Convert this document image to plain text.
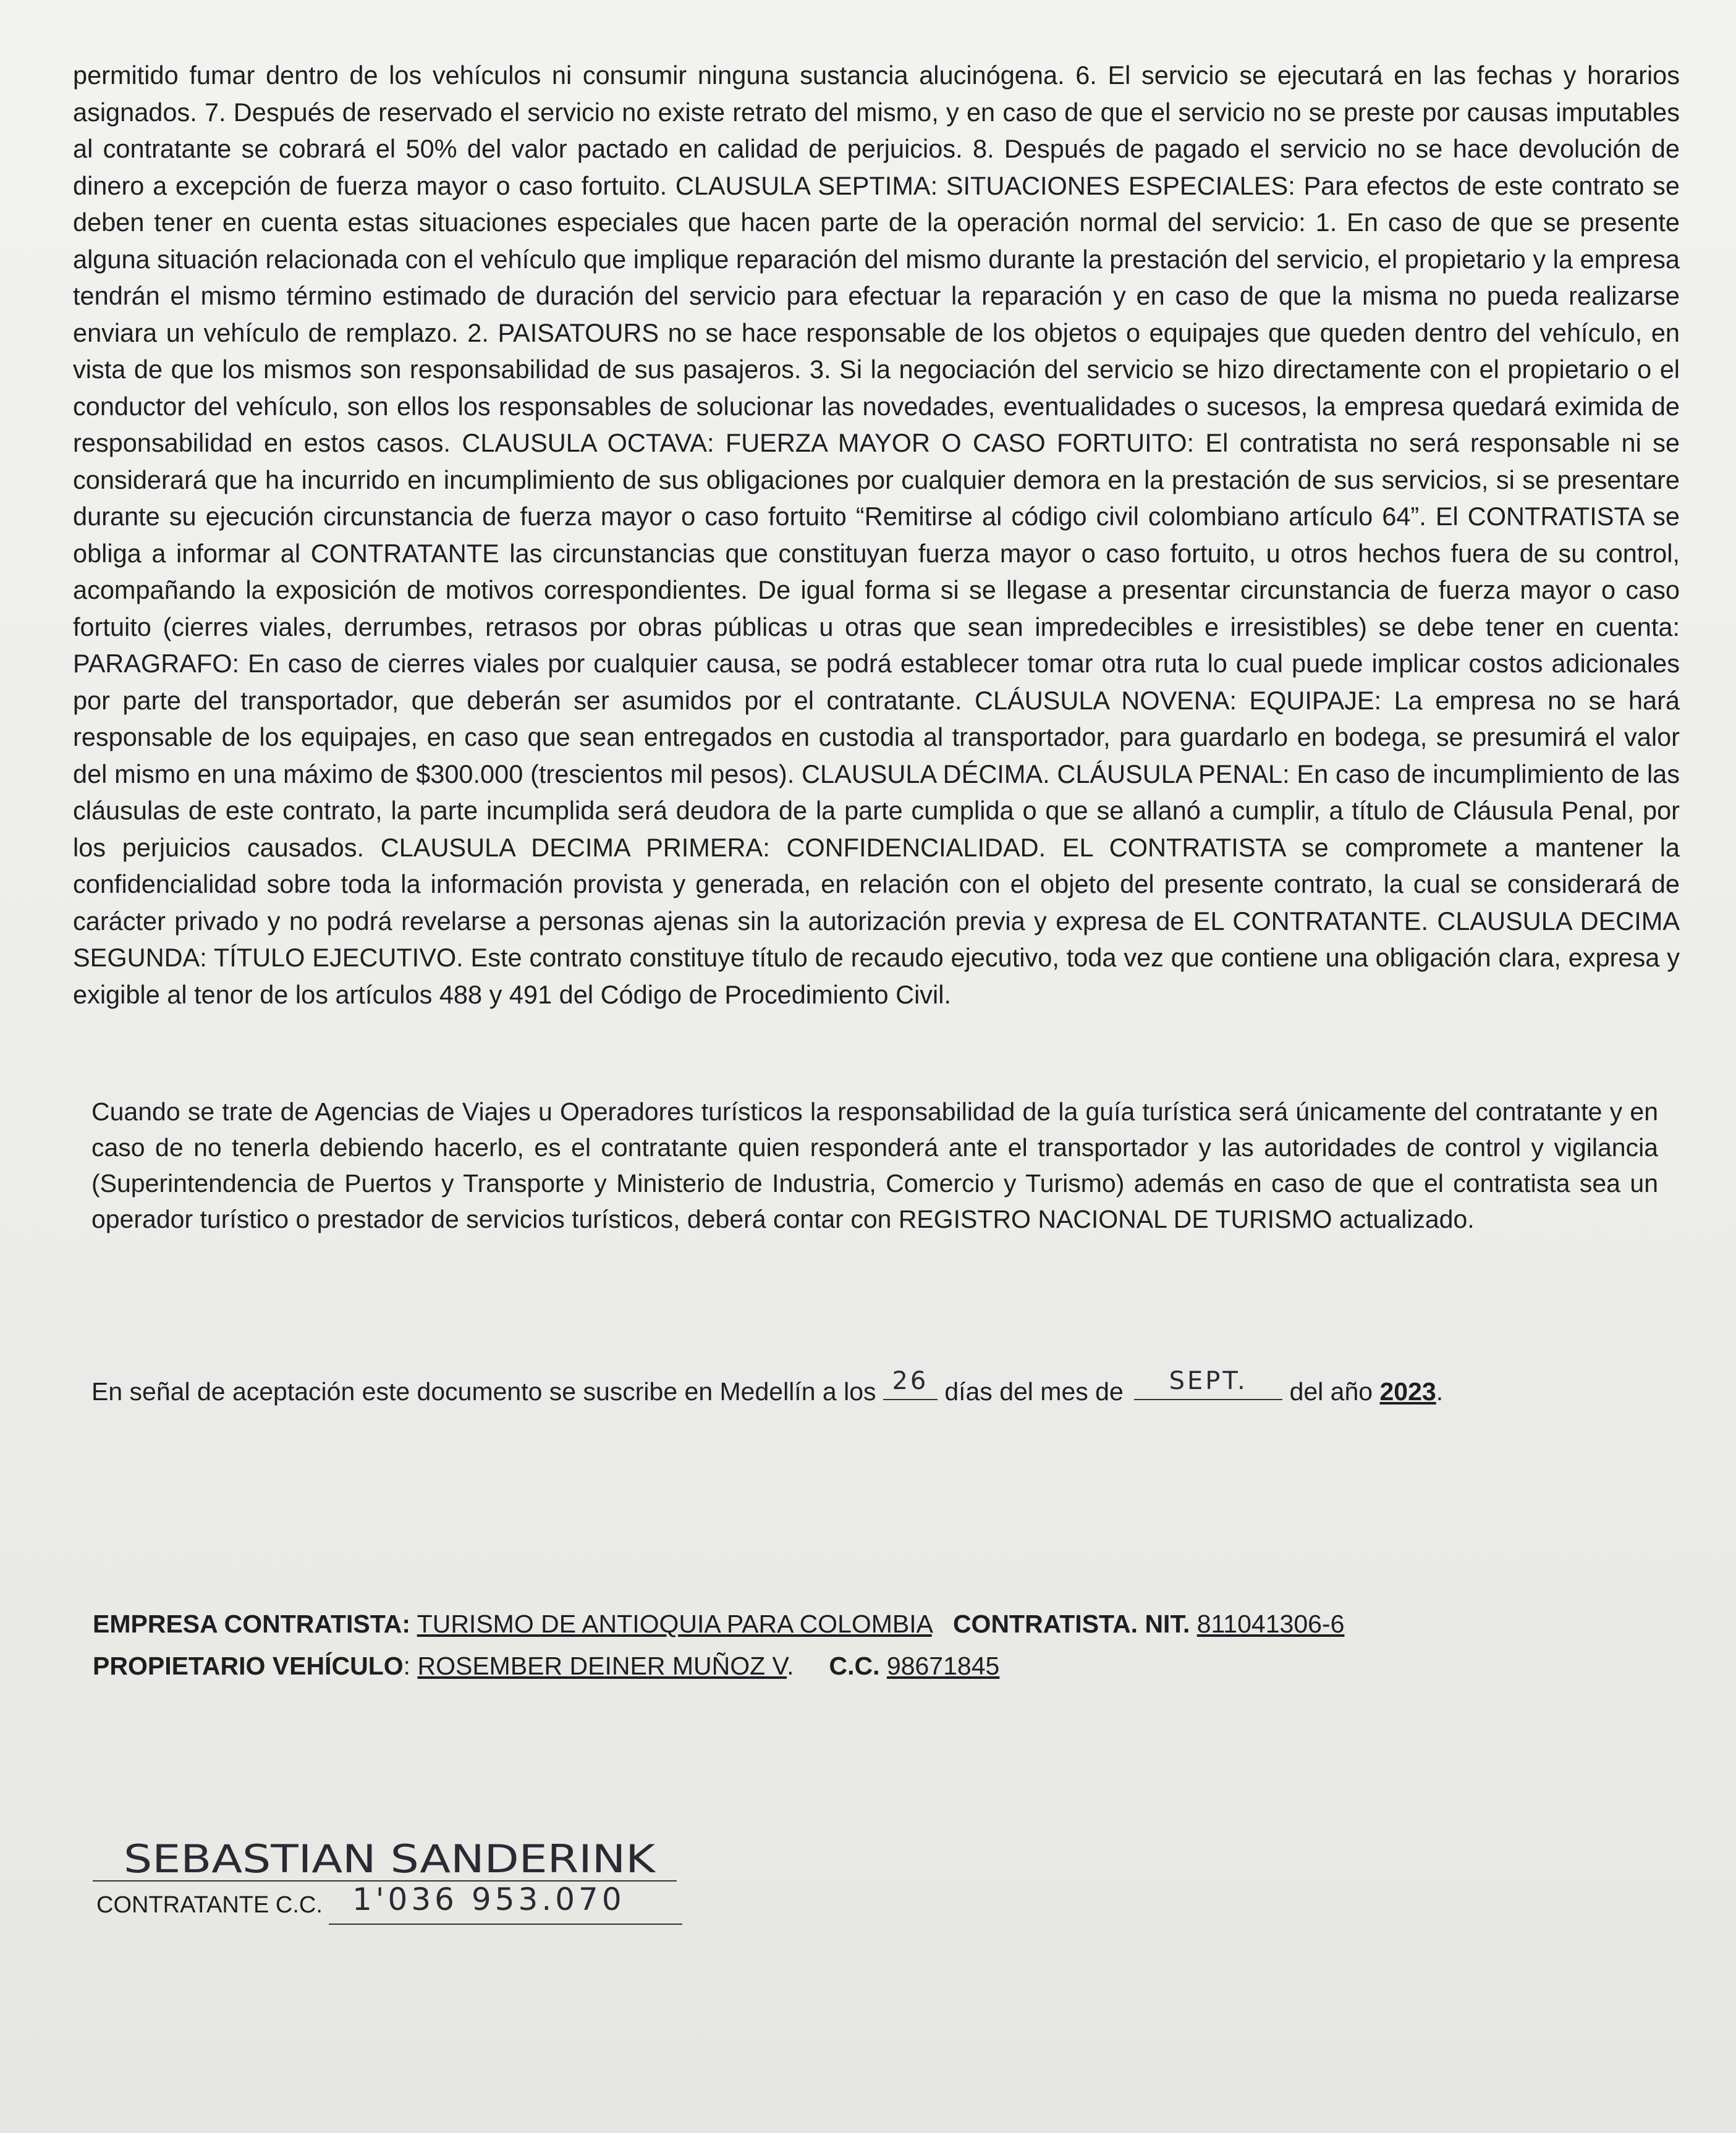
permitido fumar dentro de los vehículos ni consumir ninguna sustancia alucinógena. 6. El servicio se ejecutará en las fechas y horarios asignados. 7. Después de reservado el servicio no existe retrato del mismo, y en caso de que el servicio no se preste por causas imputables al contratante se cobrará el 50% del valor pactado en calidad de perjuicios. 8. Después de pagado el servicio no se hace devolución de dinero a excepción de fuerza mayor o caso fortuito. CLAUSULA SEPTIMA: SITUACIONES ESPECIALES: Para efectos de este contrato se deben tener en cuenta estas situaciones especiales que hacen parte de la operación normal del servicio: 1. En caso de que se presente alguna situación relacionada con el vehículo que implique reparación del mismo durante la prestación del servicio, el propietario y la empresa tendrán el mismo término estimado de duración del servicio para efectuar la reparación y en caso de que la misma no pueda realizarse enviara un vehículo de remplazo. 2. PAISATOURS no se hace responsable de los objetos o equipajes que queden dentro del vehículo, en vista de que los mismos son responsabilidad de sus pasajeros. 3. Si la negociación del servicio se hizo directamente con el propietario o el conductor del vehículo, son ellos los responsables de solucionar las novedades, eventualidades o sucesos, la empresa quedará eximida de responsabilidad en estos casos. CLAUSULA OCTAVA: FUERZA MAYOR O CASO FORTUITO: El contratista no será responsable ni se considerará que ha incurrido en incumplimiento de sus obligaciones por cualquier demora en la prestación de sus servicios, si se presentare durante su ejecución circunstancia de fuerza mayor o caso fortuito “Remitirse al código civil colombiano artículo 64”. El CONTRATISTA se obliga a informar al CONTRATANTE las circunstancias que constituyan fuerza mayor o caso fortuito, u otros hechos fuera de su control, acompañando la exposición de motivos correspondientes. De igual forma si se llegase a presentar circunstancia de fuerza mayor o caso fortuito (cierres viales, derrumbes, retrasos por obras públicas u otras que sean impredecibles e irresistibles) se debe tener en cuenta: PARAGRAFO: En caso de cierres viales por cualquier causa, se podrá establecer tomar otra ruta lo cual puede implicar costos adicionales por parte del transportador, que deberán ser asumidos por el contratante. CLÁUSULA NOVENA: EQUIPAJE: La empresa no se hará responsable de los equipajes, en caso que sean entregados en custodia al transportador, para guardarlo en bodega, se presumirá el valor del mismo en una máximo de $300.000 (trescientos mil pesos). CLAUSULA DÉCIMA. CLÁUSULA PENAL: En caso de incumplimiento de las cláusulas de este contrato, la parte incumplida será deudora de la parte cumplida o que se allanó a cumplir, a título de Cláusula Penal, por los perjuicios causados. CLAUSULA DECIMA PRIMERA: CONFIDENCIALIDAD. EL CONTRATISTA se compromete a mantener la confidencialidad sobre toda la información provista y generada, en relación con el objeto del presente contrato, la cual se considerará de carácter privado y no podrá revelarse a personas ajenas sin la autorización previa y expresa de EL CONTRATANTE. CLAUSULA DECIMA SEGUNDA: TÍTULO EJECUTIVO. Este contrato constituye título de recaudo ejecutivo, toda vez que contiene una obligación clara, expresa y exigible al tenor de los artículos 488 y 491 del Código de Procedimiento Civil.

Cuando se trate de Agencias de Viajes u Operadores turísticos la responsabilidad de la guía turística será únicamente del contratante y en caso de no tenerla debiendo hacerlo, es el contratante quien responderá ante el transportador y las autoridades de control y vigilancia (Superintendencia de Puertos y Transporte y Ministerio de Industria, Comercio y Turismo) además en caso de que el contratista sea un operador turístico o prestador de servicios turísticos, deberá contar con REGISTRO NACIONAL DE TURISMO actualizado.

En señal de aceptación este documento se suscribe en Medellín a los 26 días del mes de	SEPT.	del año 2023.
EMPRESA CONTRATISTA: TURISMO DE ANTIOQUIA PARA COLOMBIA CONTRATISTA. NIT. 811041306-6
PROPIETARIO VEHÍCULO: ROSEMBER DEINER MUÑOZ V. C.C. 98671845
SEBASTIAN SANDERINK
CONTRATANTE C.C. 1'036 953.070
